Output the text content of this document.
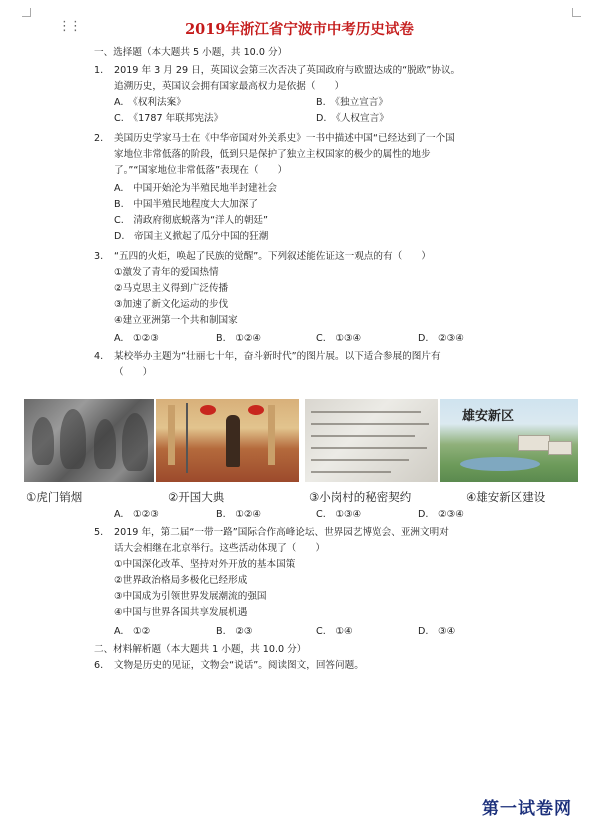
⋮⋮	2019年浙江省宁波市中考历史试卷
一、选择题（本大题共 5 小题，共 10.0 分）
1. 2019 年 3 月 29 日，英国议会第三次否决了英国政府与欧盟达成的“脱欧”协议。
追溯历史，英国议会拥有国家最高权力是依据（　　）
A.　《权利法案》	B.　《独立宣言》
C.　《1787 年联邦宪法》	D.　《人权宣言》
2. 美国历史学家马士在《中华帝国对外关系史》一书中描述中国“已经达到了一个国
家地位非常低落的阶段，低到只是保护了独立主权国家的极少的属性的地步
了。”“国家地位非常低落”表现在（　　）
A.　中国开始沦为半殖民地半封建社会
B.　中国半殖民地程度大大加深了
C.　清政府彻底蜕落为“洋人的朝廷”
D.　帝国主义掀起了瓜分中国的狂潮
3. “五四的火炬，唤起了民族的觉醒”。下列叙述能佐证这一观点的有（　　）
①激发了青年的爱国热情
②马克思主义得到广泛传播
③加速了新文化运动的步伐
④建立亚洲第一个共和制国家
A.　①②③	B.　①②④	C.　①③④	D.　②③④
4. 某校举办主题为“壮丽七十年，奋斗新时代”的图片展。以下适合参展的图片有
（　　）
雄安新区
①虎门销烟	②开国大典	③小岗村的秘密契约	④雄安新区建设
A.　①②③	B.　①②④	C.　①③④	D.　②③④
5. 2019 年，第二届“一带一路”国际合作高峰论坛、世界园艺博览会、亚洲文明对
话大会相继在北京举行。这些活动体现了（　　）
①中国深化改革、坚持对外开放的基本国策
②世界政治格局多极化已经形成
③中国成为引领世界发展潮流的强国
④中国与世界各国共享发展机遇
A.　①②	B.　②③	C.　①④	D.　③④
二、材料解析题（本大题共 1 小题，共 10.0 分）
6. 文物是历史的见证，文物会“说话”。阅读图文，回答问题。
第一试卷网
